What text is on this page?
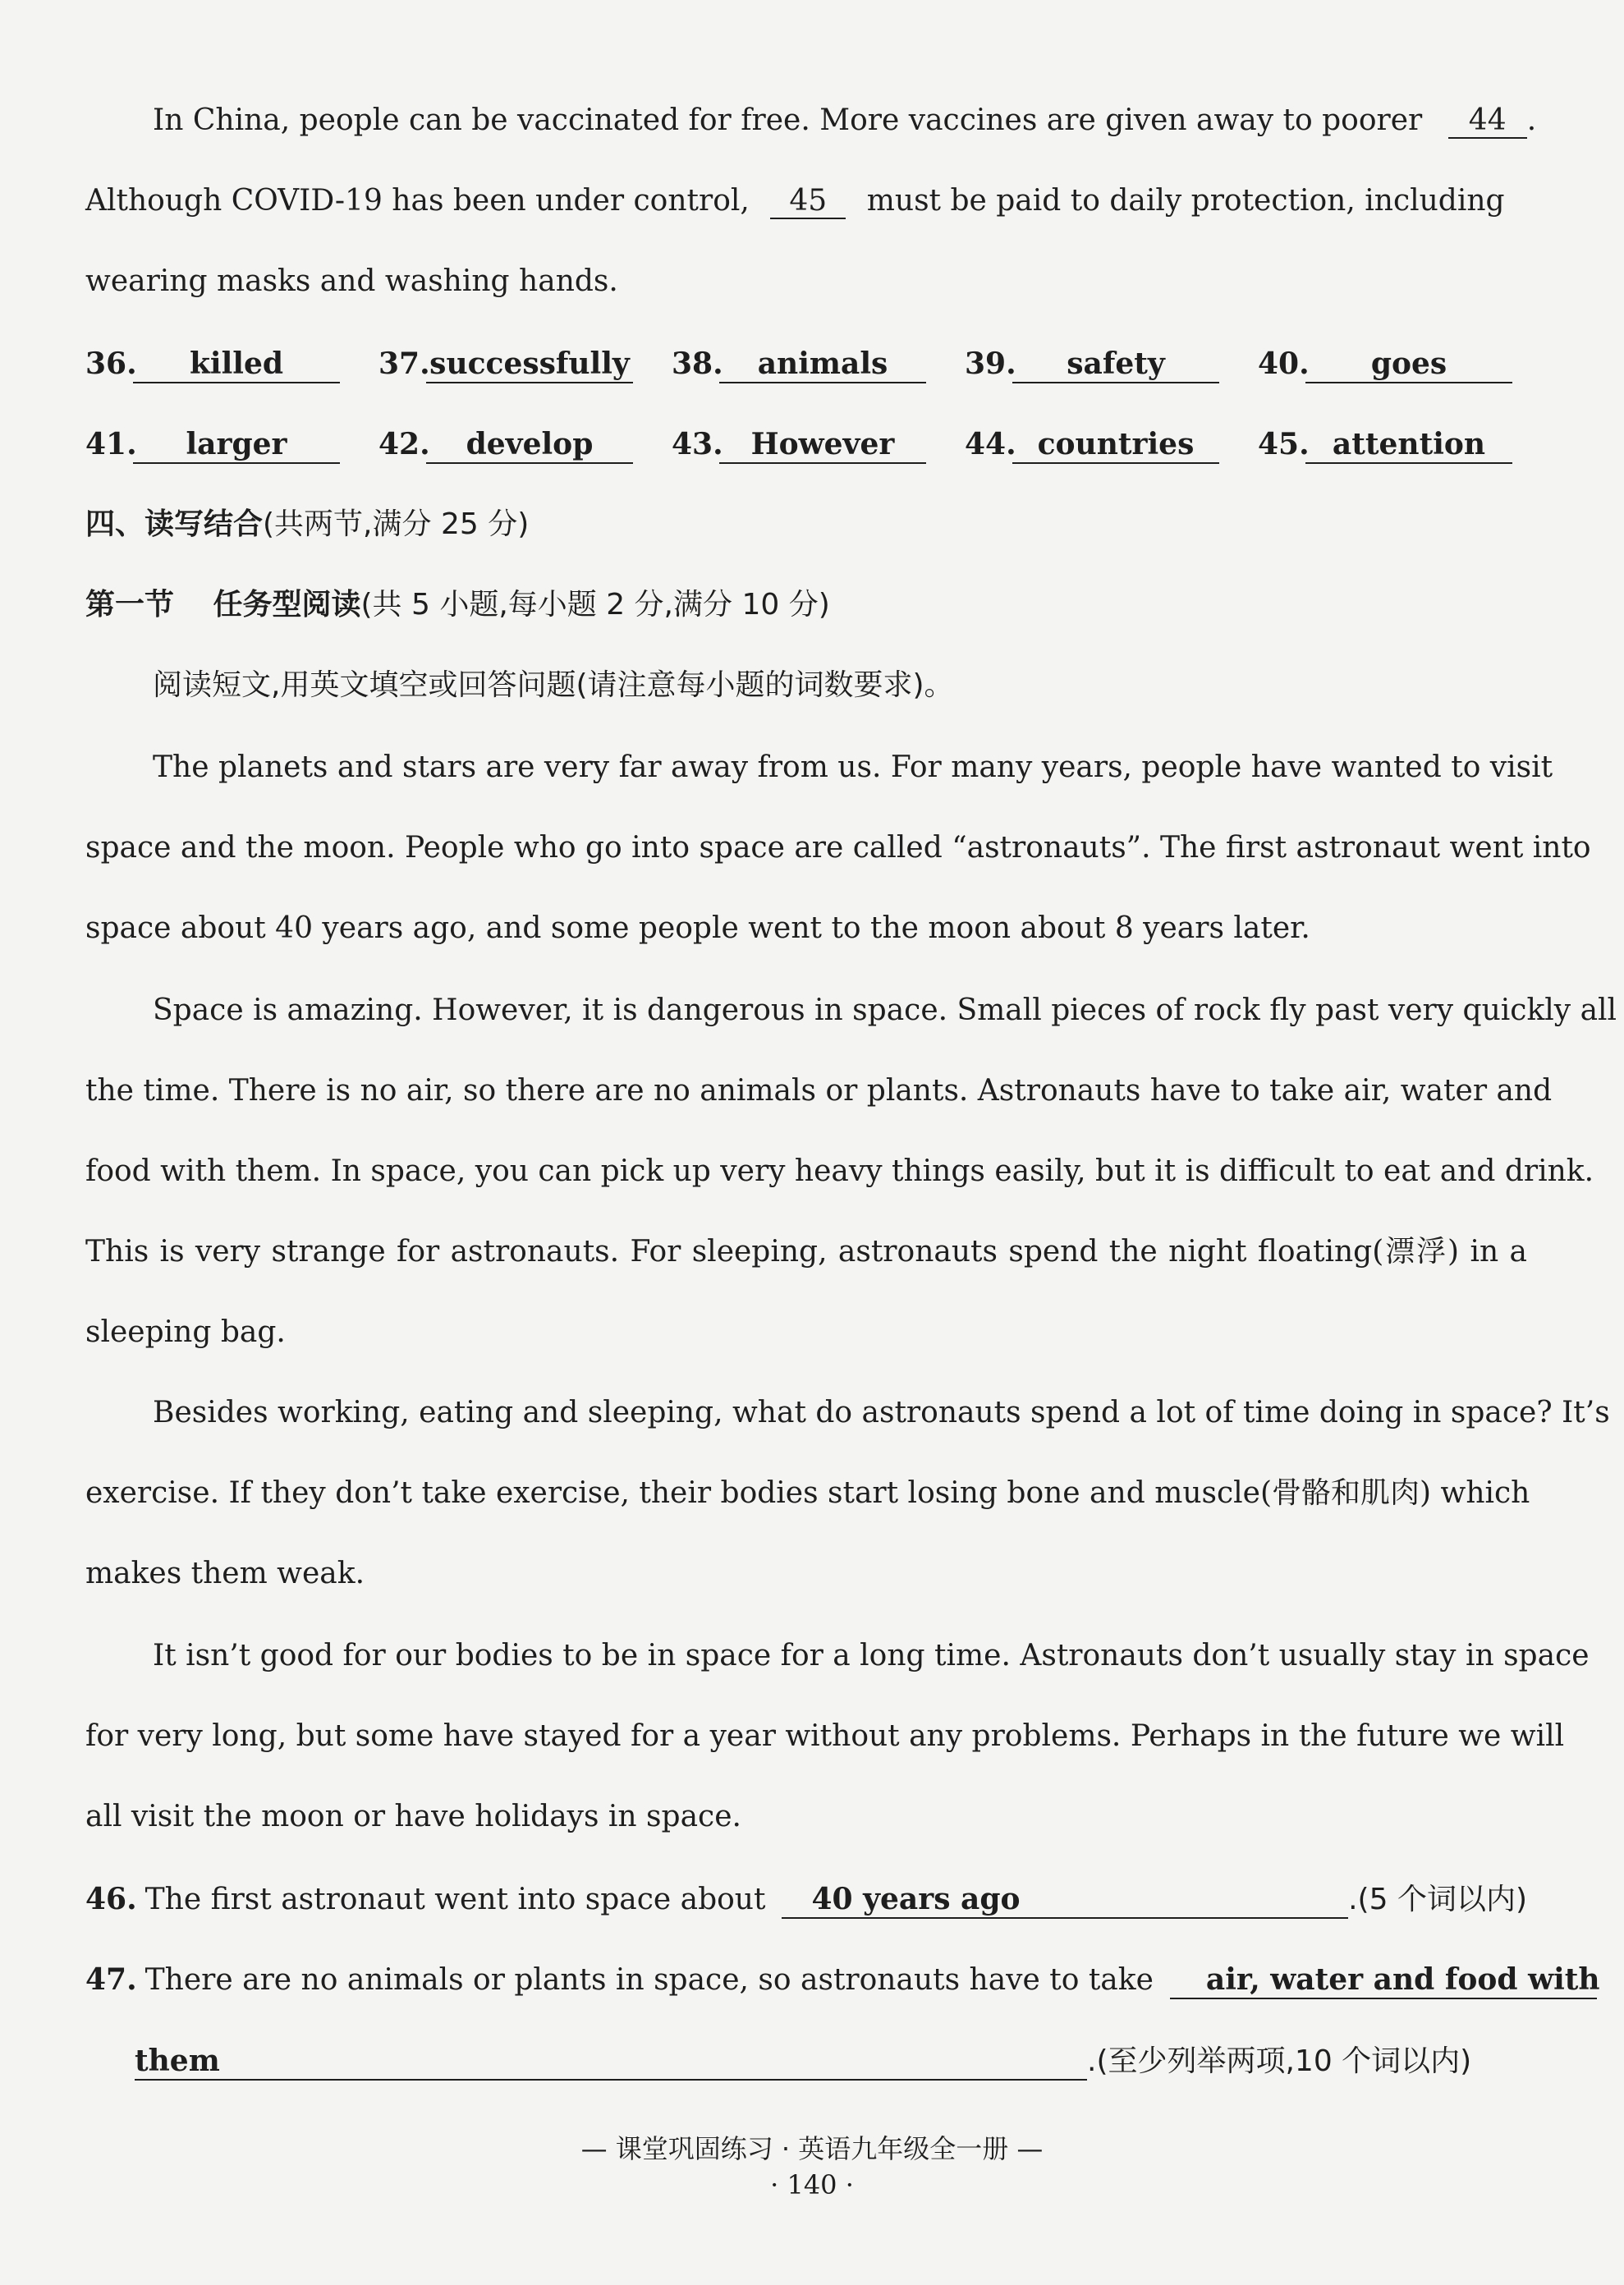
In China, people can be vaccinated for free. More vaccines are given away to poorer 44 .
Although COVID-19 has been under control, 45 must be paid to daily protection, including
wearing masks and washing hands.
36.	killed	37. successfully 38.	animals	39.	safety	40.	goes
41.	larger	42.	develop	43. However	44. countries	45. attention
四、读写结合(共两节,满分 25 分)
第一节 任务型阅读(共 5 小题,每小题 2 分,满分 10 分)
阅读短文,用英文填空或回答问题(请注意每小题的词数要求)。
The planets and stars are very far away from us. For many years, people have wanted to visit
space and the moon. People who go into space are called “astronauts”. The first astronaut went into
space about 40 years ago, and some people went to the moon about 8 years later.
Space is amazing. However, it is dangerous in space. Small pieces of rock fly past very quickly all
the time. There is no air, so there are no animals or plants. Astronauts have to take air, water and
food with them. In space, you can pick up very heavy things easily, but it is difficult to eat and drink.
This is very strange for astronauts. For sleeping, astronauts spend the night floating(漂浮) in a
sleeping bag.
Besides working, eating and sleeping, what do astronauts spend a lot of time doing in space? It’s
exercise. If they don’t take exercise, their bodies start losing bone and muscle(骨骼和肌肉) which
makes them weak.
It isn’t good for our bodies to be in space for a long time. Astronauts don’t usually stay in space
for very long, but some have stayed for a year without any problems. Perhaps in the future we will
all visit the moon or have holidays in space.
46. The first astronaut went into space about	40 years ago	.(5 个词以内)
47. There are no animals or plants in space, so astronauts have to take	air, water and food with
them	.(至少列举两项,10 个词以内)
— 课堂巩固练习 · 英语九年级全一册 —
· 140 ·
